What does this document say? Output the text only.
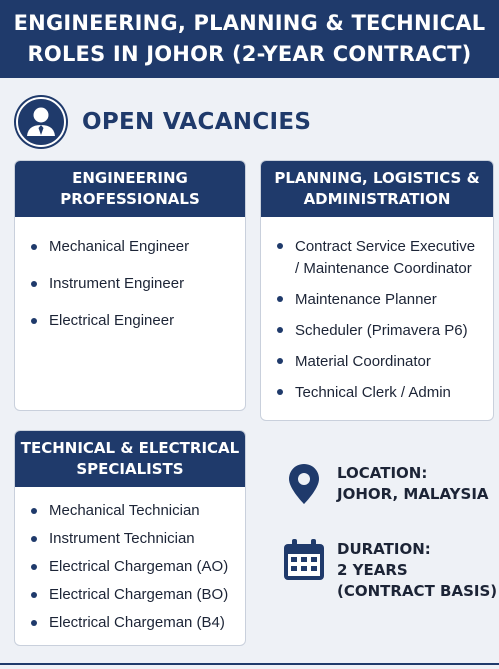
ENGINEERING, PLANNING & TECHNICAL
ROLES IN JOHOR (2-YEAR CONTRACT)
OPEN VACANCIES
ENGINEERING
PROFESSIONALS
Mechanical Engineer
Instrument Engineer
Electrical Engineer
PLANNING, LOGISTICS &
ADMINISTRATION
Contract Service Executive
/ Maintenance Coordinator
Maintenance Planner
Scheduler (Primavera P6)
Material Coordinator
Technical Clerk / Admin
TECHNICAL & ELECTRICAL
SPECIALISTS
Mechanical Technician
Instrument Technician
Electrical Chargeman (AO)
Electrical Chargeman (BO)
Electrical Chargeman (B4)
LOCATION:
JOHOR, MALAYSIA
DURATION:
2 YEARS
(CONTRACT BASIS)
